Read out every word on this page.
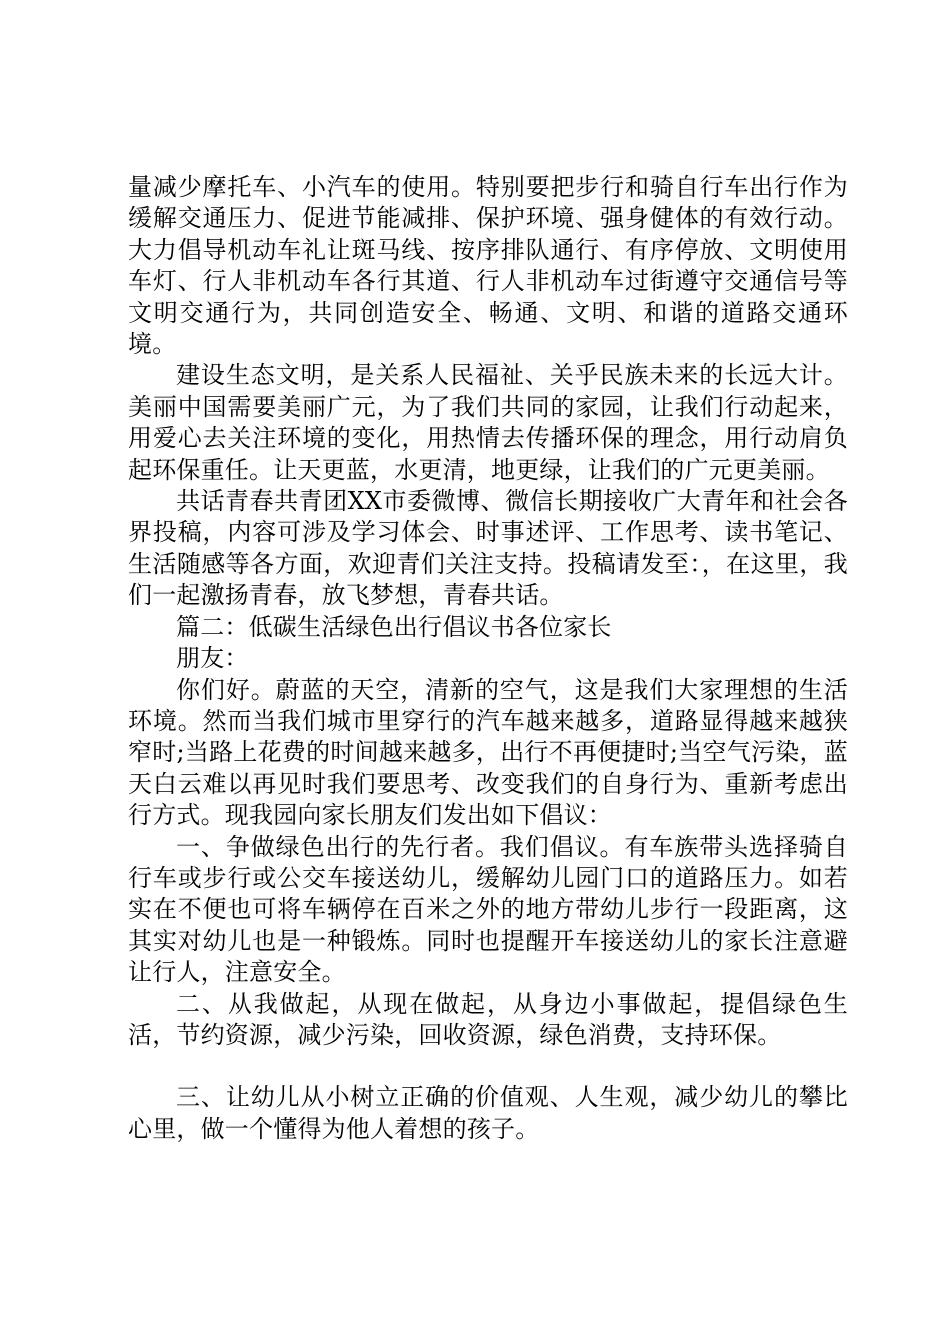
量减少摩托车、小汽车的使用。特别要把步行和骑自行车出行作为缓解交通压力、促进节能减排、保护环境、强身健体的有效行动。大力倡导机动车礼让斑马线、按序排队通行、有序停放、文明使用车灯、行人非机动车各行其道、行人非机动车过街遵守交通信号等文明交通行为，共同创造安全、畅通、文明、和谐的道路交通环境。

建设生态文明，是关系人民福祉、关乎民族未来的长远大计。美丽中国需要美丽广元，为了我们共同的家园，让我们行动起来，用爱心去关注环境的变化，用热情去传播环保的理念，用行动肩负起环保重任。让天更蓝，水更清，地更绿，让我们的广元更美丽。

共话青春共青团XX市委微博、微信长期接收广大青年和社会各界投稿，内容可涉及学习体会、时事述评、工作思考、读书笔记、生活随感等各方面，欢迎青们关注支持。投稿请发至：，在这里，我们一起激扬青春，放飞梦想，青春共话。

篇二：低碳生活绿色出行倡议书各位家长

朋友：

你们好。蔚蓝的天空，清新的空气，这是我们大家理想的生活环境。然而当我们城市里穿行的汽车越来越多，道路显得越来越狭窄时;当路上花费的时间越来越多，出行不再便捷时;当空气污染，蓝天白云难以再见时我们要思考、改变我们的自身行为、重新考虑出行方式。现我园向家长朋友们发出如下倡议：

一、争做绿色出行的先行者。我们倡议。有车族带头选择骑自行车或步行或公交车接送幼儿，缓解幼儿园门口的道路压力。如若实在不便也可将车辆停在百米之外的地方带幼儿步行一段距离，这其实对幼儿也是一种锻炼。同时也提醒开车接送幼儿的家长注意避让行人，注意安全。

二、从我做起，从现在做起，从身边小事做起，提倡绿色生活，节约资源，减少污染，回收资源，绿色消费，支持环保。

三、让幼儿从小树立正确的价值观、人生观，减少幼儿的攀比心里，做一个懂得为他人着想的孩子。
